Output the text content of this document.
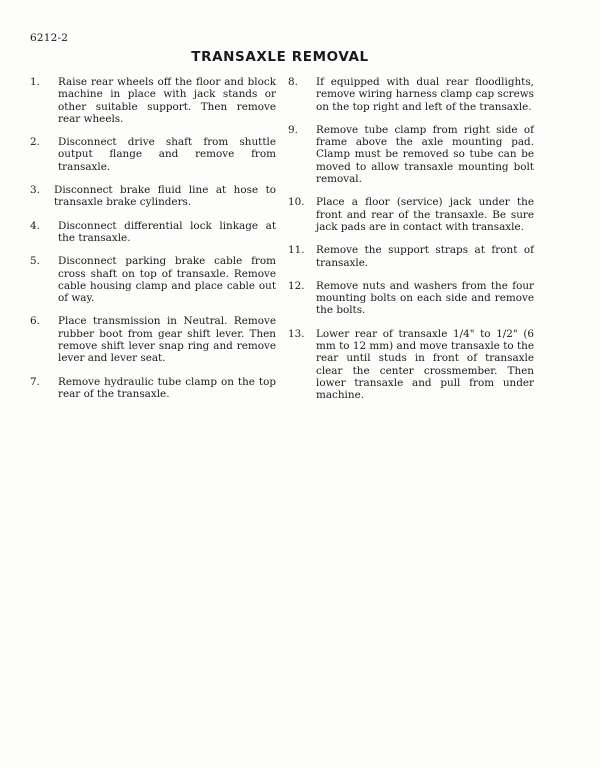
6212-2
TRANSAXLE REMOVAL
1. Raise rear wheels off the floor and block machine in place with jack stands or other suitable support. Then remove rear wheels.
2. Disconnect drive shaft from shuttle output flange and remove from transaxle.
3. Disconnect brake fluid line at hose to transaxle brake cylinders.
4. Disconnect differential lock linkage at the transaxle.
5. Disconnect parking brake cable from cross shaft on top of transaxle. Remove cable housing clamp and place cable out of way.
6. Place transmission in Neutral. Remove rubber boot from gear shift lever. Then remove shift lever snap ring and remove lever and lever seat.
7. Remove hydraulic tube clamp on the top rear of the transaxle.
8. If equipped with dual rear floodlights, remove wiring harness clamp cap screws on the top right and left of the transaxle.
9. Remove tube clamp from right side of frame above the axle mounting pad. Clamp must be removed so tube can be moved to allow transaxle mounting bolt removal.
10. Place a floor (service) jack under the front and rear of the transaxle. Be sure jack pads are in contact with transaxle.
11. Remove the support straps at front of transaxle.
12. Remove nuts and washers from the four mounting bolts on each side and remove the bolts.
13. Lower rear of transaxle 1/4" to 1/2" (6 mm to 12 mm) and move transaxle to the rear until studs in front of transaxle clear the center crossmember. Then lower transaxle and pull from under machine.
